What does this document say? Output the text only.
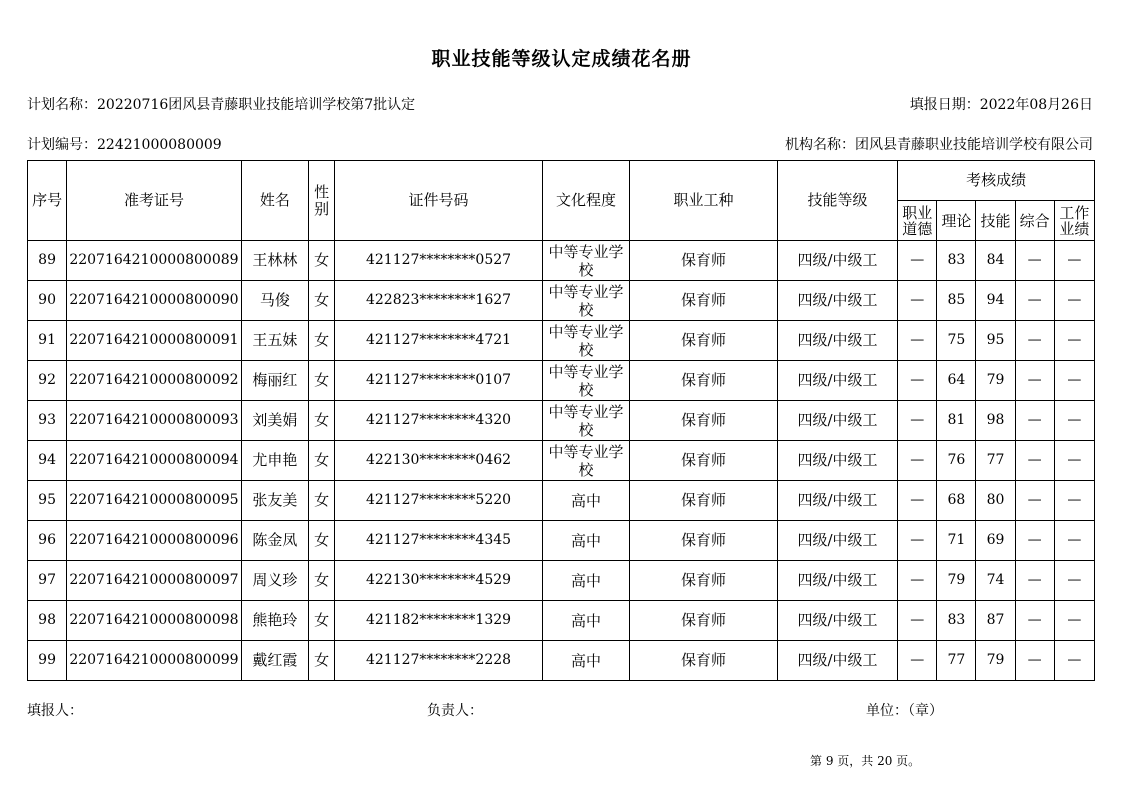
职业技能等级认定成绩花名册
计划名称：20220716团风县青藤职业技能培训学校第7批认定	填报日期：2022年08月26日
计划编号：22421000080009	机构名称：团风县青藤职业技能培训学校有限公司
序号	准考证号	姓名	性别	证件号码	文化程度	职业工种	技能等级	考核成绩				
								职业道德	理论	技能	综合	工作业绩
89	2207164210000800089	王林林	女	421127********0527	中等专业学校	保育师	四级/中级工	—	83	84	—	—
90	2207164210000800090	马俊	女	422823********1627	中等专业学校	保育师	四级/中级工	—	85	94	—	—
91	2207164210000800091	王五妹	女	421127********4721	中等专业学校	保育师	四级/中级工	—	75	95	—	—
92	2207164210000800092	梅丽红	女	421127********0107	中等专业学校	保育师	四级/中级工	—	64	79	—	—
93	2207164210000800093	刘美娟	女	421127********4320	中等专业学校	保育师	四级/中级工	—	81	98	—	—
94	2207164210000800094	尤申艳	女	422130********0462	中等专业学校	保育师	四级/中级工	—	76	77	—	—
95	2207164210000800095	张友美	女	421127********5220	高中	保育师	四级/中级工	—	68	80	—	—
96	2207164210000800096	陈金凤	女	421127********4345	高中	保育师	四级/中级工	—	71	69	—	—
97	2207164210000800097	周义珍	女	422130********4529	高中	保育师	四级/中级工	—	79	74	—	—
98	2207164210000800098	熊艳玲	女	421182********1329	高中	保育师	四级/中级工	—	83	87	—	—
99	2207164210000800099	戴红霞	女	421127********2228	高中	保育师	四级/中级工	—	77	79	—	—
填报人：	负责人：	单位：（章）
第 9 页，共 20 页。
